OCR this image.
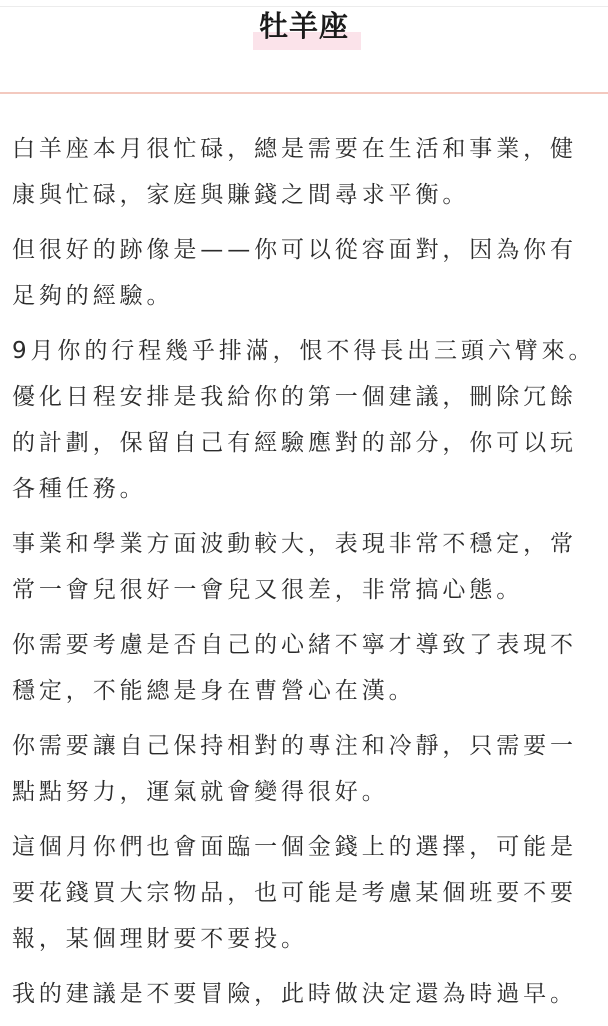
牡羊座
白羊座本月很忙碌，總是需要在生活和事業，健
康與忙碌，家庭與賺錢之間尋求平衡。
但很好的跡像是——你可以從容面對，因為你有
足夠的經驗。
9月你的行程幾乎排滿，恨不得長出三頭六臂來。
優化日程安排是我給你的第一個建議，刪除冗餘
的計劃，保留自己有經驗應對的部分，你可以玩
各種任務。
事業和學業方面波動較大，表現非常不穩定，常
常一會兒很好一會兒又很差，非常搞心態。
你需要考慮是否自己的心緒不寧才導致了表現不
穩定，不能總是身在曹營心在漢。
你需要讓自己保持相對的專注和冷靜，只需要一
點點努力，運氣就會變得很好。
這個月你們也會面臨一個金錢上的選擇，可能是
要花錢買大宗物品，也可能是考慮某個班要不要
報，某個理財要不要投。
我的建議是不要冒險，此時做決定還為時過早。
